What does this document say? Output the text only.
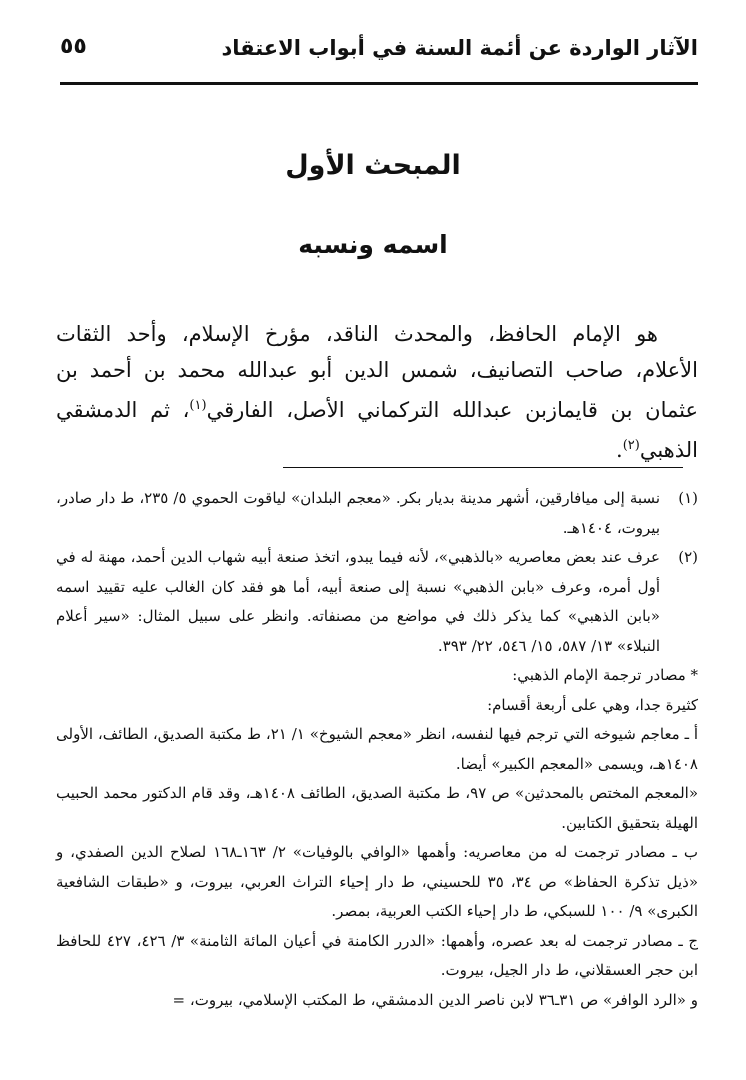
الآثار الواردة عن أئمة السنة في أبواب الاعتقاد
٥٥
المبحث الأول
اسمه ونسبه
هو الإمام الحافظ، والمحدث الناقد، مؤرخ الإسلام، وأحد الثقات الأعلام، صاحب التصانيف، شمس الدين أبو عبدالله محمد بن أحمد بن عثمان بن قايمازبن عبدالله التركماني الأصل، الفارقي$^{(١)}$، ثم الدمشقي الذهبي$^{(٢)}$.
(١)
نسبة إلى ميافارقين، أشهر مدينة بديار بكر. «معجم البلدان» لياقوت الحموي ٥/ ٢٣٥، ط دار صادر، بيروت، ١٤٠٤هـ.
(٢)
عرف عند بعض معاصريه «بالذهبي»، لأنه فيما يبدو، اتخذ صنعة أبيه شهاب الدين أحمد، مهنة له في أول أمره، وعرف «بابن الذهبي» نسبة إلى صنعة أبيه، أما هو فقد كان الغالب عليه تقييد اسمه «بابن الذهبي» كما يذكر ذلك في مواضع من مصنفاته. وانظر على سبيل المثال: «سير أعلام النبلاء» ١٣/ ٥٨٧، ١٥/ ٥٤٦، ٢٢/ ٣٩٣.
* مصادر ترجمة الإمام الذهبي:
كثيرة جدا، وهي على أربعة أقسام:
أ ـ معاجم شيوخه التي ترجم فيها لنفسه، انظر «معجم الشيوخ» ١/ ٢١، ط مكتبة الصديق، الطائف، الأولى ١٤٠٨هـ، ويسمى «المعجم الكبير» أيضا.
«المعجم المختص بالمحدثين» ص ٩٧، ط مكتبة الصديق، الطائف ١٤٠٨هـ، وقد قام الدكتور محمد الحبيب الهيلة بتحقيق الكتابين.
ب ـ مصادر ترجمت له من معاصريه: وأهمها «الوافي بالوفيات» ٢/ ١٦٣ـ١٦٨ لصلاح الدين الصفدي، و «ذيل تذكرة الحفاظ» ص ٣٤، ٣٥ للحسيني، ط دار إحياء التراث العربي، بيروت، و «طبقات الشافعية الكبرى» ٩/ ١٠٠ للسبكي، ط دار إحياء الكتب العربية، بمصر.
ج ـ مصادر ترجمت له بعد عصره، وأهمها: «الدرر الكامنة في أعيان المائة الثامنة» ٣/ ٤٢٦، ٤٢٧ للحافظ ابن حجر العسقلاني، ط دار الجيل، بيروت.
و «الرد الوافر» ص ٣١ـ٣٦ لابن ناصر الدين الدمشقي، ط المكتب الإسلامي، بيروت، =
